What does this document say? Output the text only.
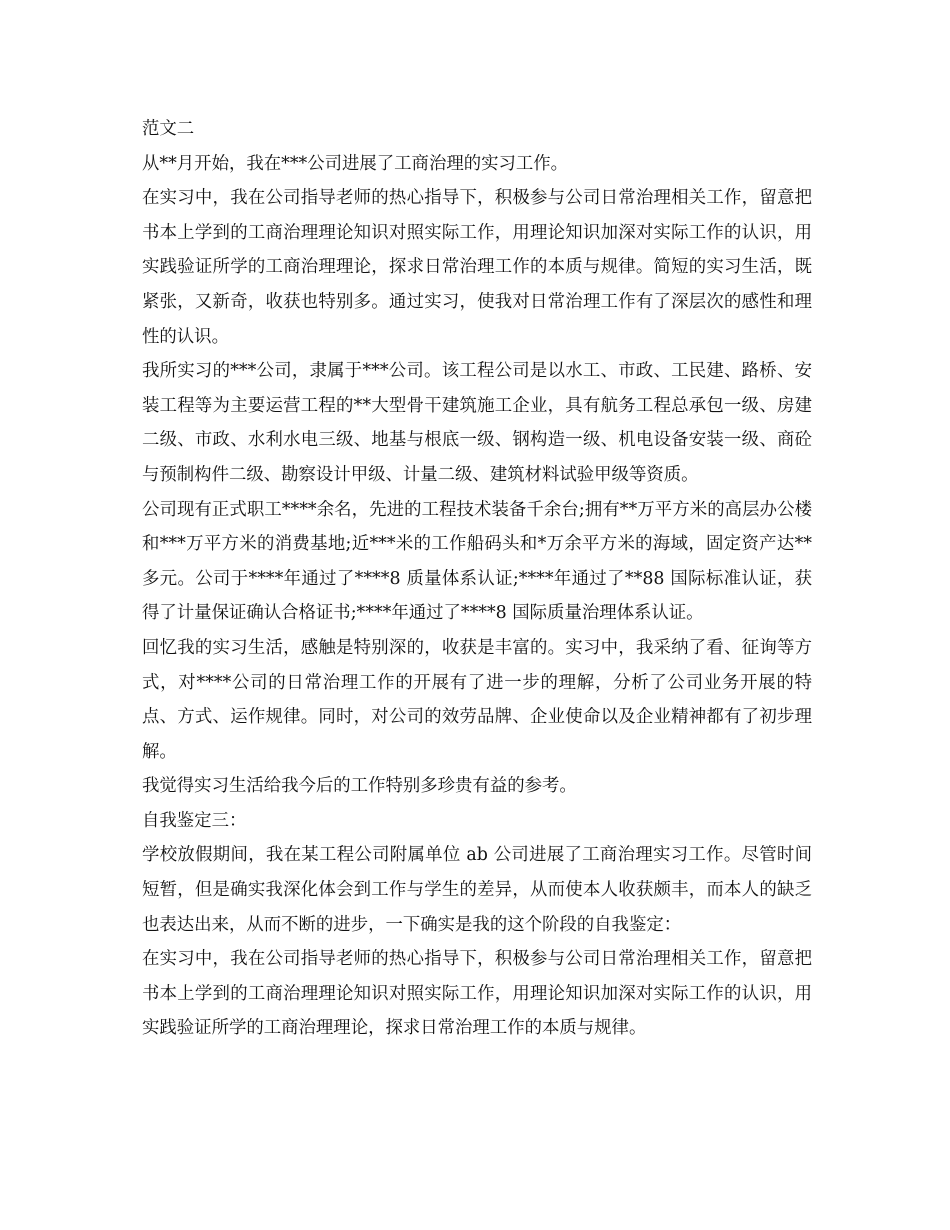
范文二

从**月开始，我在***公司进展了工商治理的实习工作。

在实习中，我在公司指导老师的热心指导下，积极参与公司日常治理相关工作，留意把书本上学到的工商治理理论知识对照实际工作，用理论知识加深对实际工作的认识，用实践验证所学的工商治理理论，探求日常治理工作的本质与规律。简短的实习生活，既紧张，又新奇，收获也特别多。通过实习，使我对日常治理工作有了深层次的感性和理性的认识。

我所实习的***公司，隶属于***公司。该工程公司是以水工、市政、工民建、路桥、安装工程等为主要运营工程的**大型骨干建筑施工企业，具有航务工程总承包一级、房建二级、市政、水利水电三级、地基与根底一级、钢构造一级、机电设备安装一级、商砼与预制构件二级、勘察设计甲级、计量二级、建筑材料试验甲级等资质。

公司现有正式职工****余名，先进的工程技术装备千余台;拥有**万平方米的高层办公楼和***万平方米的消费基地;近***米的工作船码头和*万余平方米的海域，固定资产达**多元。公司于****年通过了****8 质量体系认证;****年通过了**88 国际标准认证，获得了计量保证确认合格证书;****年通过了****8 国际质量治理体系认证。

回忆我的实习生活，感触是特别深的，收获是丰富的。实习中，我采纳了看、征询等方式，对****公司的日常治理工作的开展有了进一步的理解，分析了公司业务开展的特点、方式、运作规律。同时，对公司的效劳品牌、企业使命以及企业精神都有了初步理解。

我觉得实习生活给我今后的工作特别多珍贵有益的参考。

自我鉴定三：

学校放假期间，我在某工程公司附属单位 ab 公司进展了工商治理实习工作。尽管时间短暂，但是确实我深化体会到工作与学生的差异，从而使本人收获颇丰，而本人的缺乏也表达出来，从而不断的进步，一下确实是我的这个阶段的自我鉴定：

在实习中，我在公司指导老师的热心指导下，积极参与公司日常治理相关工作，留意把书本上学到的工商治理理论知识对照实际工作，用理论知识加深对实际工作的认识，用实践验证所学的工商治理理论，探求日常治理工作的本质与规律。
